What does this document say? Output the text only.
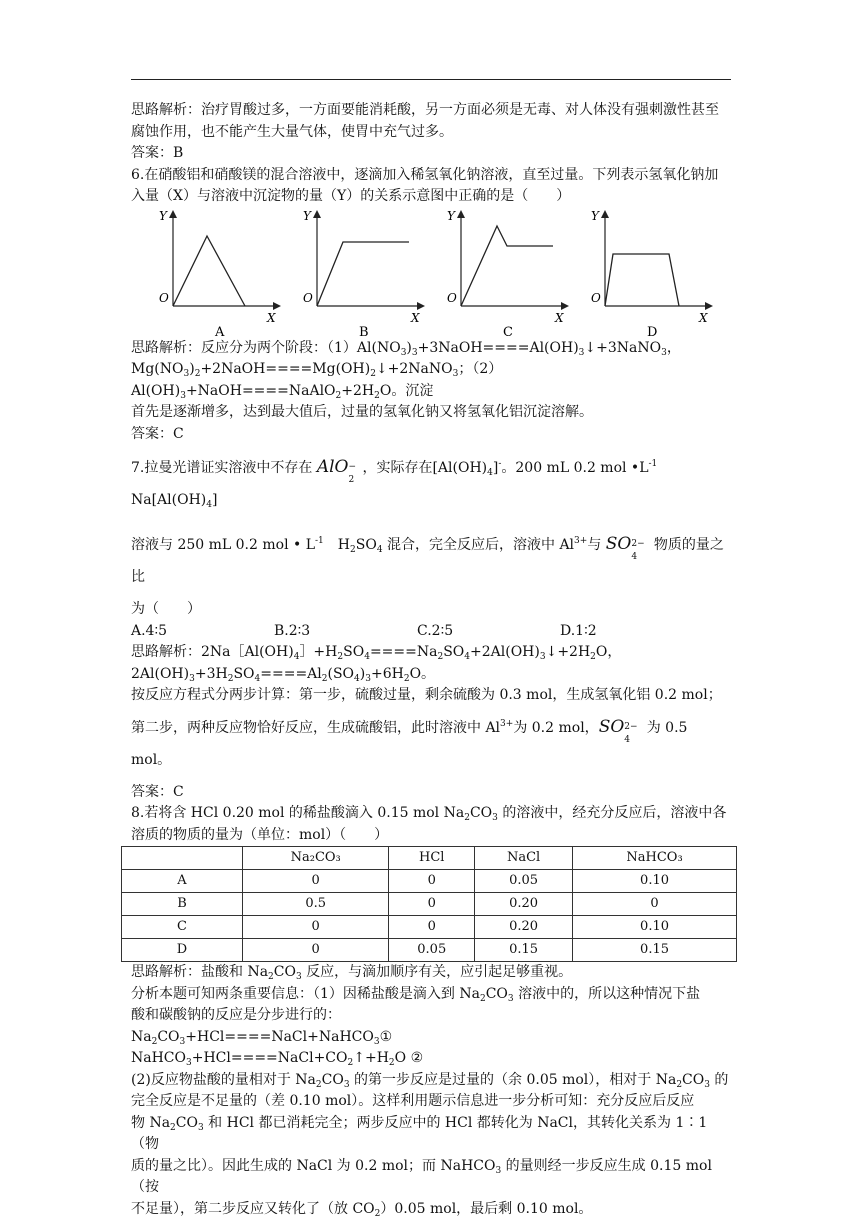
思路解析：治疗胃酸过多，一方面要能消耗酸，另一方面必须是无毒、对人体没有强刺激性甚至腐蚀作用，也不能产生大量气体，使胃中充气过多。

答案：B

6.在硝酸铝和硝酸镁的混合溶液中，逐滴加入稀氢氧化钠溶液，直至过量。下列表示氢氧化钠加入量（X）与溶液中沉淀物的量（Y）的关系示意图中正确的是（　　）

Y
O
X
A
Y
O
X
B
Y
O
X
C
Y
O
X
D

思路解析：反应分为两个阶段：$(1)Al(NO_3)_3+3NaOH====Al(OH)_3↓+3NaNO_3$，

$Mg(NO_3)_2+2NaOH====Mg(OH)_2↓+2NaNO_3$；$(2)Al(OH)_3+NaOH====NaAlO_2+2H_2O$。沉淀

首先是逐渐增多，达到最大值后，过量的氢氧化钠又将氢氧化铝沉淀溶解。

答案：C

7.拉曼光谱证实溶液中不存在 AlO −
2
，实际存在$[Al(OH)_4]^-$。200 mL 0.2 mol $•L^{-1}$ $Na[Al(OH)_4]$

溶液与 250 mL 0.2 mol • $L^{-1}$　$H_2SO_4$ 混合，完全反应后，溶液中 $Al^{3+}$与 SO 2−
4
物质的量之比

为（　　）

A.4∶5	B.2∶3	C.2∶5	D.1∶2

思路解析：$2Na[Al(OH)_4]+H_2SO_4====Na_2SO_4+2Al(OH)_3↓+2H_2O$，

$2Al(OH)_3+3H_2SO_4====Al_2(SO_4)_3+6H_2O$。

按反应方程式分两步计算：第一步，硫酸过量，剩余硫酸为 0.3 mol，生成氢氧化铝 0.2 mol；

第二步，两种反应物恰好反应，生成硫酸铝，此时溶液中 $Al^{3+}$为 0.2 mol，SO 2−
4
为 0.5 mol。

答案：C

8.若将含 HCl 0.20 mol 的稀盐酸滴入 0.15 mol $Na_2CO_3$ 的溶液中，经充分反应后，溶液中各

溶质的物质的量为（单位：mol）（　　）

	Na₂CO₃	HCl	NaCl	NaHCO₃
A	0	0	0.05	0.10
B	0.5	0	0.20	0
C	0	0	0.20	0.10
D	0	0.05	0.15	0.15

思路解析：盐酸和 $Na_2CO_3$ 反应，与滴加顺序有关，应引起足够重视。

分析本题可知两条重要信息：（1）因稀盐酸是滴入到 $Na_2CO_3$ 溶液中的，所以这种情况下盐

酸和碳酸钠的反应是分步进行的：

$Na_2CO_3+HCl====NaCl+NaHCO_3①$

$NaHCO_3+HCl====NaCl+CO_2↑+H_2O$ ②

(2)反应物盐酸的量相对于 $Na_2CO_3$ 的第一步反应是过量的（余 0.05 mol），相对于 $Na_2CO_3$ 的

完全反应是不足量的（差 0.10 mol）。这样利用题示信息进一步分析可知：充分反应后反应

物 $Na_2CO_3$ 和 HCl 都已消耗完全；两步反应中的 HCl 都转化为 NaCl，其转化关系为 1∶1（物

质的量之比）。因此生成的 NaCl 为 0.2 mol；而 NaHCO$_3$ 的量则经一步反应生成 0.15 mol（按

不足量），第二步反应又转化了（放 $CO_2)0.05$ mol，最后剩 0.10 mol。
